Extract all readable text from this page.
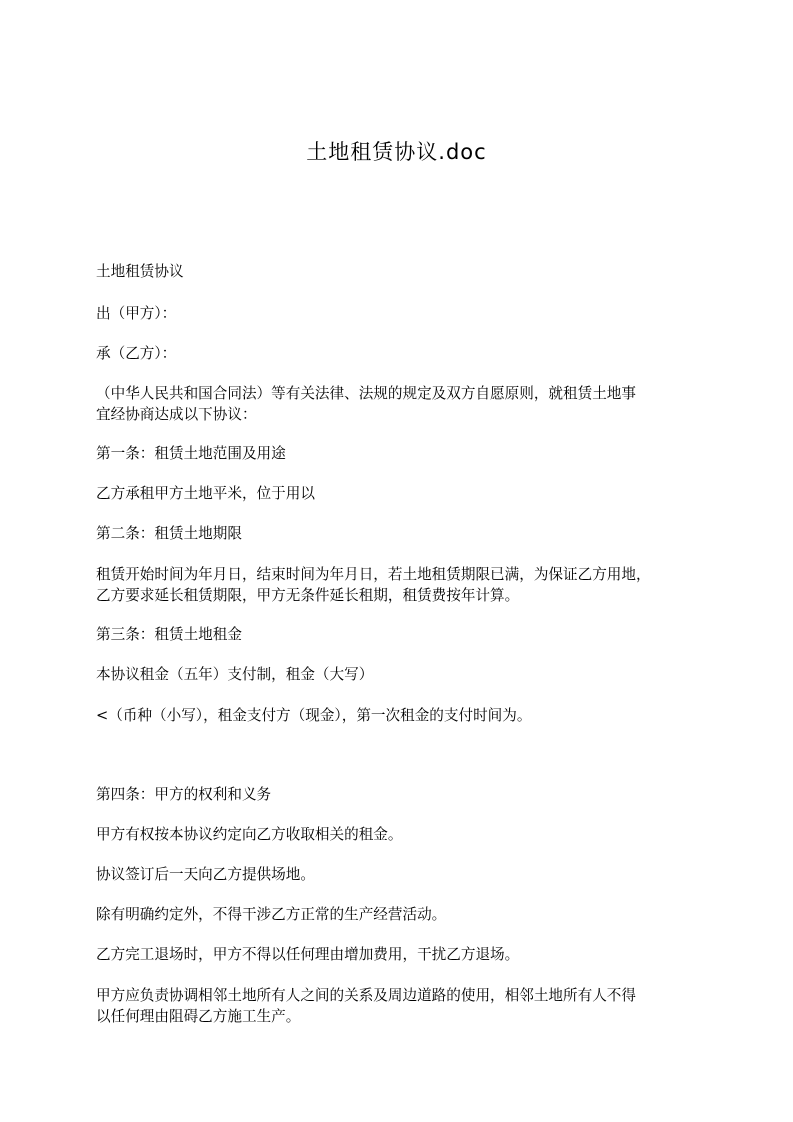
土地租赁协议.doc

土地租赁协议

出（甲方）：

承（乙方）：

（中华人民共和国合同法）等有关法律、法规的规定及双方自愿原则，就租赁土地事

宜经协商达成以下协议：

第一条：租赁土地范围及用途

乙方承租甲方土地平米，位于用以

第二条：租赁土地期限

租赁开始时间为年月日，结束时间为年月日，若土地租赁期限已满，为保证乙方用地，

乙方要求延长租赁期限，甲方无条件延长租期，租赁费按年计算。

第三条：租赁土地租金

本协议租金（五年）支付制，租金（大写）

<（币种（小写），租金支付方（现金），第一次租金的支付时间为。

第四条：甲方的权利和义务

甲方有权按本协议约定向乙方收取相关的租金。

协议签订后一天向乙方提供场地。

除有明确约定外，不得干涉乙方正常的生产经营活动。

乙方完工退场时，甲方不得以任何理由增加费用，干扰乙方退场。

甲方应负责协调相邻土地所有人之间的关系及周边道路的使用，相邻土地所有人不得

以任何理由阻碍乙方施工生产。
